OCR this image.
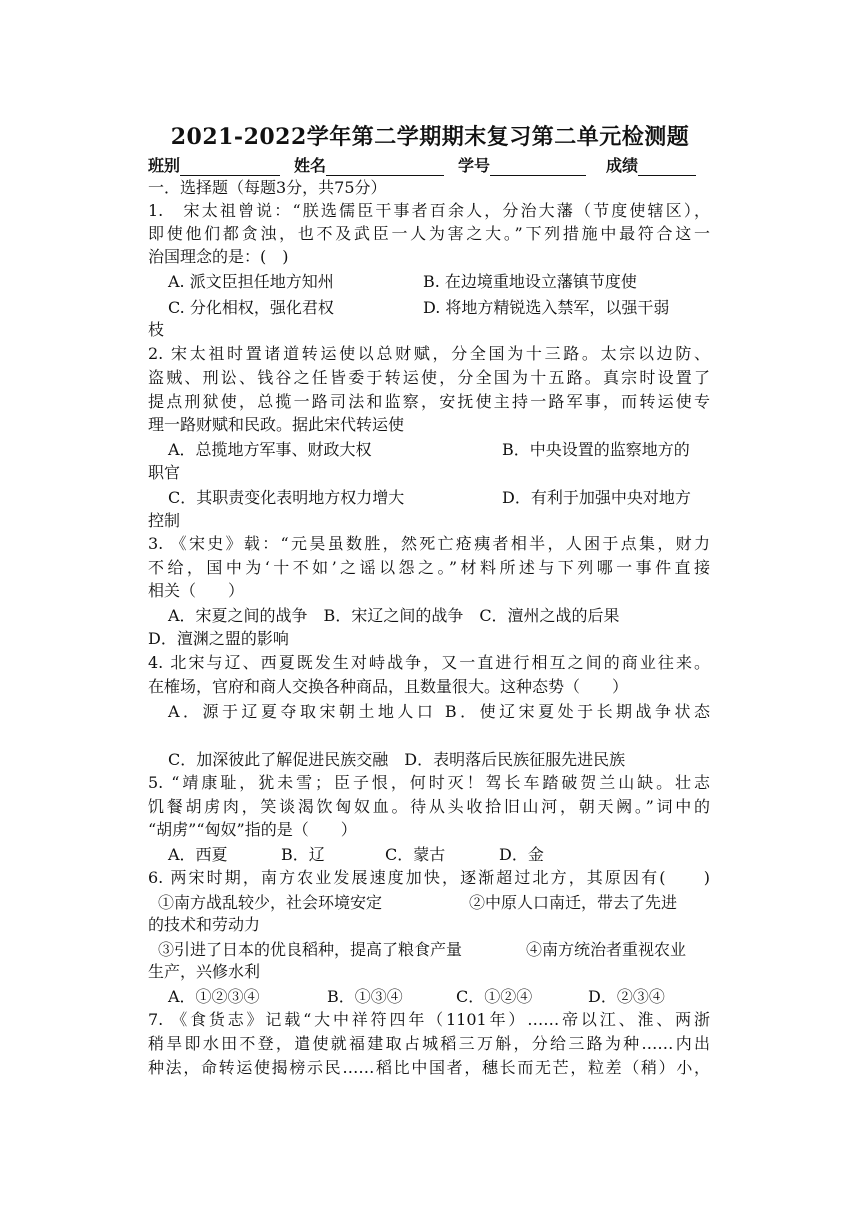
2021-2022学年第二学期期末复习第二单元检测题
班别	姓名	学号	成绩
一．选择题（每题3分，共75分）
1.　宋太祖曾说：“朕选儒臣干事者百余人，分治大藩（节度使辖区），
即使他们都贪浊，也不及武臣一人为害之大。”下列措施中最符合这一
治国理念的是：(　)
A. 派文臣担任地方知州	B. 在边境重地设立藩镇节度使
C. 分化相权，强化君权	D. 将地方精锐选入禁军，以强干弱
枝
2. 宋太祖时置诸道转运使以总财赋，分全国为十三路。太宗以边防、
盗贼、刑讼、钱谷之任皆委于转运使，分全国为十五路。真宗时设置了
提点刑狱使，总揽一路司法和监察，安抚使主持一路军事，而转运使专
理一路财赋和民政。据此宋代转运使
A．总揽地方军事、财政大权	B．中央设置的监察地方的
职官
C．其职责变化表明地方权力增大	D．有利于加强中央对地方
控制
3. 《宋史》载：“元昊虽数胜，然死亡疮痍者相半，人困于点集，财力
不给，国中为‘十不如’之谣以怨之。”材料所述与下列哪一事件直接
相关（　　）
A．宋夏之间的战争　B．宋辽之间的战争　C．澶州之战的后果
D．澶渊之盟的影响
4. 北宋与辽、西夏既发生对峙战争，又一直进行相互之间的商业往来。
在榷场，官府和商人交换各种商品，且数量很大。这种态势（　　）
A．源于辽夏夺取宋朝土地人口 B．使辽宋夏处于长期战争状态
C．加深彼此了解促进民族交融　D．表明落后民族征服先进民族
5. “靖康耻，犹未雪；臣子恨，何时灭！驾长车踏破贺兰山缺。壮志
饥餐胡虏肉，笑谈渴饮匈奴血。待从头收拾旧山河，朝天阙。”词中的
“胡虏”“匈奴”指的是（　　）
A．西夏	B．辽	C．蒙古	D．金
6. 两宋时期，南方农业发展速度加快，逐渐超过北方，其原因有(　　)
①南方战乱较少，社会环境安定	②中原人口南迁，带去了先进
的技术和劳动力
③引进了日本的优良稻种，提高了粮食产量	④南方统治者重视农业
生产，兴修水利
A．①②③④	B．①③④	C．①②④	D．②③④
7. 《食货志》记载“大中祥符四年（1101年）……帝以江、淮、两浙
稍旱即水田不登，遣使就福建取占城稻三万斛，分给三路为种……内出
种法，命转运使揭榜示民……稻比中国者，穗长而无芒，粒差（稍）小，
